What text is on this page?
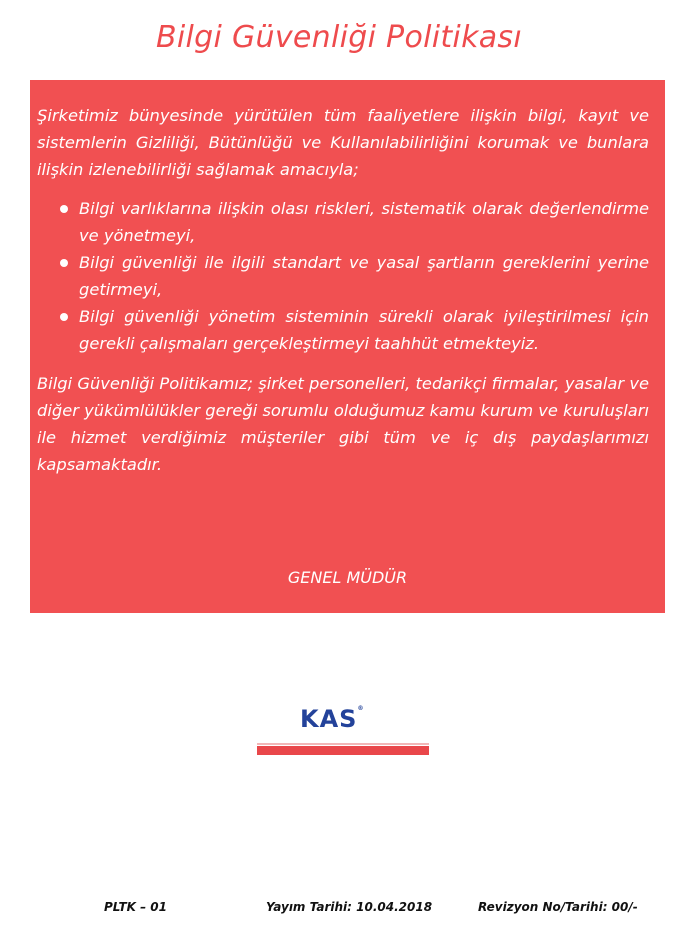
Bilgi Güvenliği Politikası

Şirketimiz bünyesinde yürütülen tüm faaliyetlere ilişkin bilgi, kayıt ve sistemlerin Gizliliği, Bütünlüğü ve Kullanılabilirliğini korumak ve bunlara ilişkin izlenebilirliği sağlamak amacıyla;

Bilgi varlıklarına ilişkin olası riskleri, sistematik olarak değerlendirme ve yönetmeyi,
Bilgi güvenliği ile ilgili standart ve yasal şartların gereklerini yerine getirmeyi,
Bilgi güvenliği yönetim sisteminin sürekli olarak iyileştirilmesi için gerekli çalışmaları gerçekleştirmeyi taahhüt etmekteyiz.

Bilgi Güvenliği Politikamız; şirket personelleri, tedarikçi firmalar, yasalar ve diğer yükümlülükler gereği sorumlu olduğumuz kamu kurum ve kuruluşları ile hizmet verdiğimiz müşteriler gibi tüm ve iç dış paydaşlarımızı kapsamaktadır.

GENEL MÜDÜR
KAS®
PLTK – 01	Yayım Tarihi: 10.04.2018	Revizyon No/Tarihi: 00/-
